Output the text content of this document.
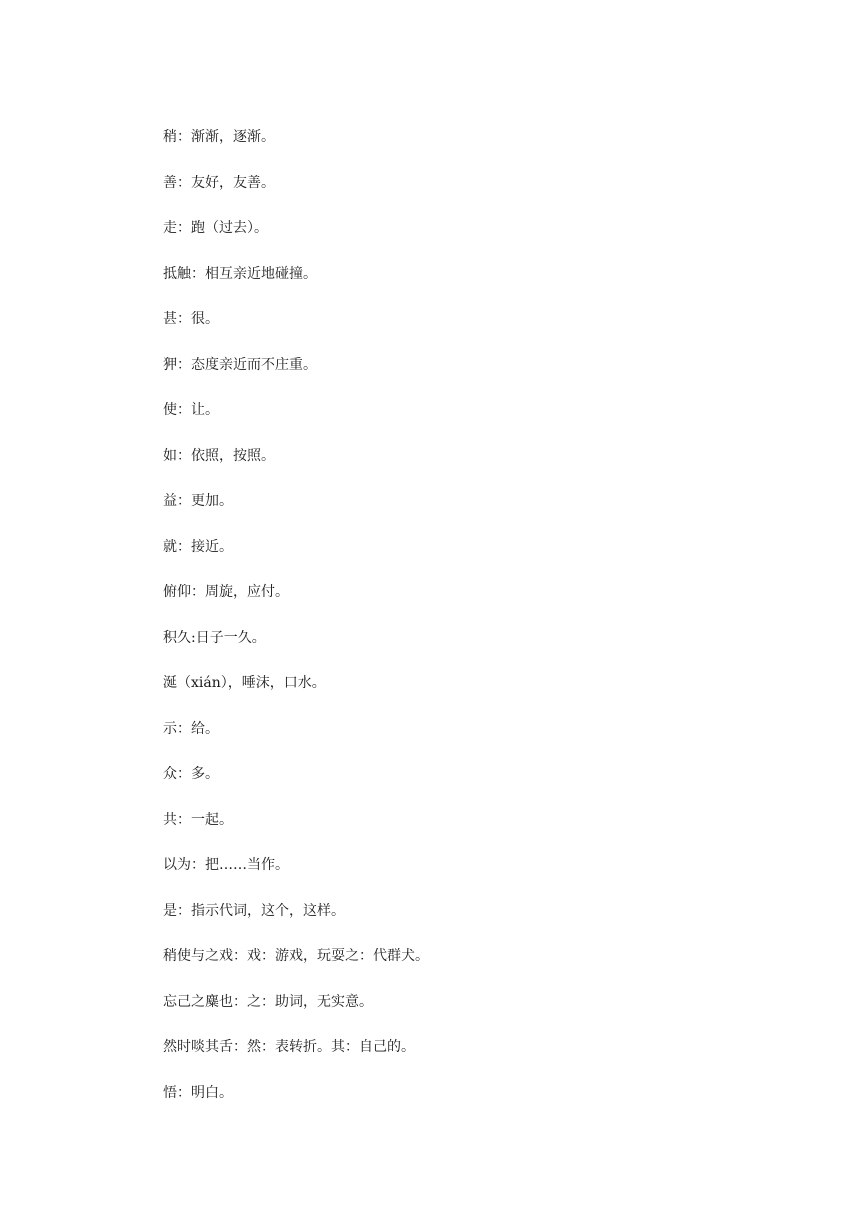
稍：渐渐，逐渐。
善：友好，友善。
走：跑（过去）。
抵触：相互亲近地碰撞。
甚：很。
狎：态度亲近而不庄重。
使：让。
如：依照，按照。
益：更加。
就：接近。
俯仰：周旋，应付。
积久:日子一久。
涎（xián），唾沫，口水。
示：给。
众：多。
共：一起。
以为：把……当作。
是：指示代词，这个，这样。
稍使与之戏：戏：游戏，玩耍之：代群犬。
忘己之麋也：之：助词，无实意。
然时啖其舌：然：表转折。其：自己的。
悟：明白。
